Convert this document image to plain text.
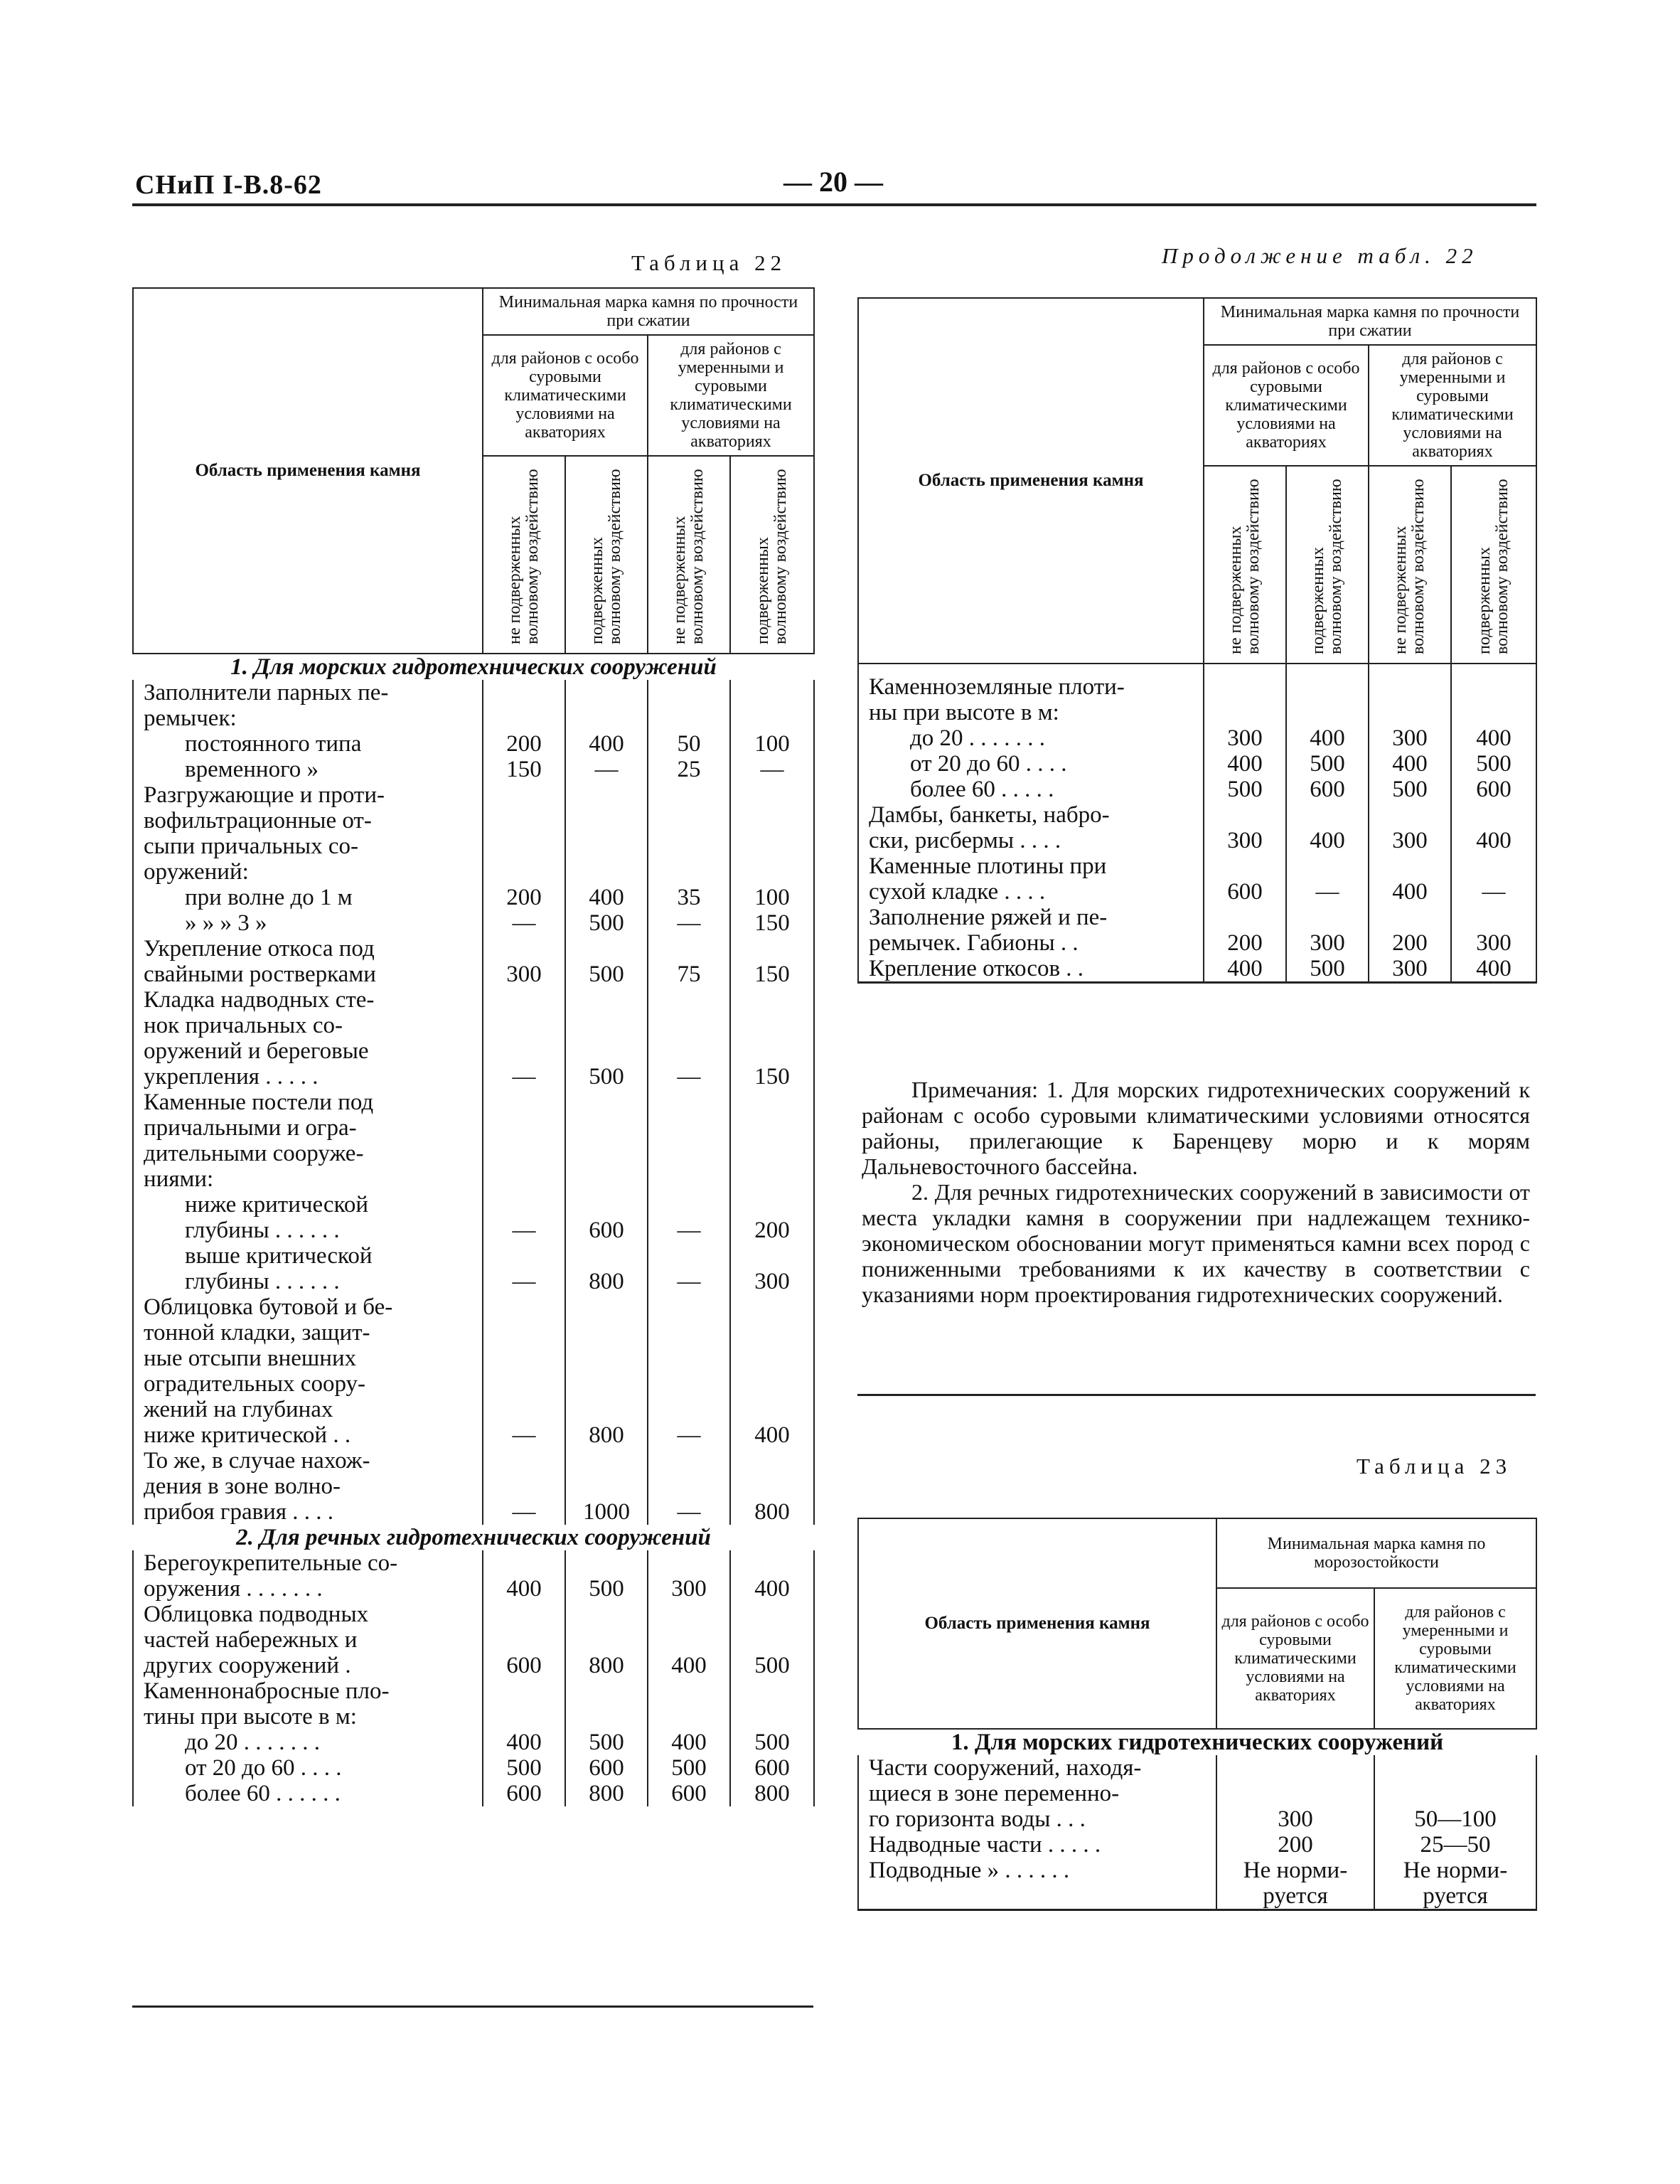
СНиП I-В.8-62	— 20 —
Таблица 22	Продолжение табл. 22
Область применения камня	Минимальная марка камня по прочности при сжатии			
	для районов с особо суровыми климатическими условиями на акваториях		для районов с умеренными и суровыми климатическими условиями на акваториях	
	не подверженных волновому воздействию	подверженных волновому воздействию	не подверженных волновому воздействию	подверженных волновому воздействию
1. Для морских гидротехнических сооружений				
Заполнители парных пе-				
ремычек:				
постоянного типа	200	400	50	100
временного »	150	—	25	—
Разгружающие и проти-				
вофильтрационные от-				
сыпи причальных со-				
оружений:				
при волне до 1 м	200	400	35	100
» » » 3 »	—	500	—	150
Укрепление откоса под				
свайными ростверками	300	500	75	150
Кладка надводных сте-				
нок причальных со-				
оружений и береговые				
укрепления . . . . .	—	500	—	150
Каменные постели под				
причальными и огра-				
дительными сооруже-				
ниями:				
ниже критической				
глубины . . . . . .	—	600	—	200
выше критической				
глубины . . . . . .	—	800	—	300
Облицовка бутовой и бе-				
тонной кладки, защит-				
ные отсыпи внешних				
оградительных соору-				
жений на глубинах				
ниже критической . .	—	800	—	400
То же, в случае нахож-				
дения в зоне волно-				
прибоя гравия . . . .	—	1000	—	800
2. Для речных гидротехнических сооружений				
Берегоукрепительные со-				
оружения . . . . . . .	400	500	300	400
Облицовка подводных				
частей набережных и				
других сооружений .	600	800	400	500
Каменнонабросные пло-				
тины при высоте в м:				
до 20 . . . . . . .	400	500	400	500
от 20 до 60 . . . .	500	600	500	600
более 60 . . . . . .	600	800	600	800
Область применения камня	Минимальная марка камня по прочности при сжатии			
	для районов с особо суровыми климатическими условиями на акваториях		для районов с умеренными и суровыми климатическими условиями на акваториях	
	не подверженных волновому воздействию	подверженных волновому воздействию	не подверженных волновому воздействию	подверженных волновому воздействию

Каменноземляные плоти-				
ны при высоте в м:				
до 20 . . . . . . .	300	400	300	400
от 20 до 60 . . . .	400	500	400	500
более 60 . . . . .	500	600	500	600
Дамбы, банкеты, набро-				
ски, рисбермы . . . .	300	400	300	400
Каменные плотины при				
сухой кладке . . . .	600	—	400	—
Заполнение ряжей и пе-				
ремычек. Габионы . .	200	300	200	300
Крепление откосов . .	400	500	300	400
Примечания: 1. Для морских гидротехнических сооружений к районам с особо суровыми климатическими условиями относятся районы, прилегающие к Баренцеву морю и к морям Дальневосточного бассейна.
2. Для речных гидротехнических сооружений в зависимости от места укладки камня в сооружении при надлежащем технико-экономическом обосновании могут применяться камни всех пород с пониженными требованиями к их качеству в соответствии с указаниями норм проектирования гидротехнических сооружений.
Таблица 23
Область применения камня	Минимальная марка камня по морозостойкости	
	для районов с особо суровыми климатическими условиями на акваториях	для районов с умеренными и суровыми климатическими условиями на акваториях
1. Для морских гидротехнических сооружений		
Части сооружений, находя-		
щиеся в зоне переменно-		
го горизонта воды . . .	300	50—100
Надводные части . . . . .	200	25—50
Подводные » . . . . . .	Не норми-	Не норми-
	руется	руется
